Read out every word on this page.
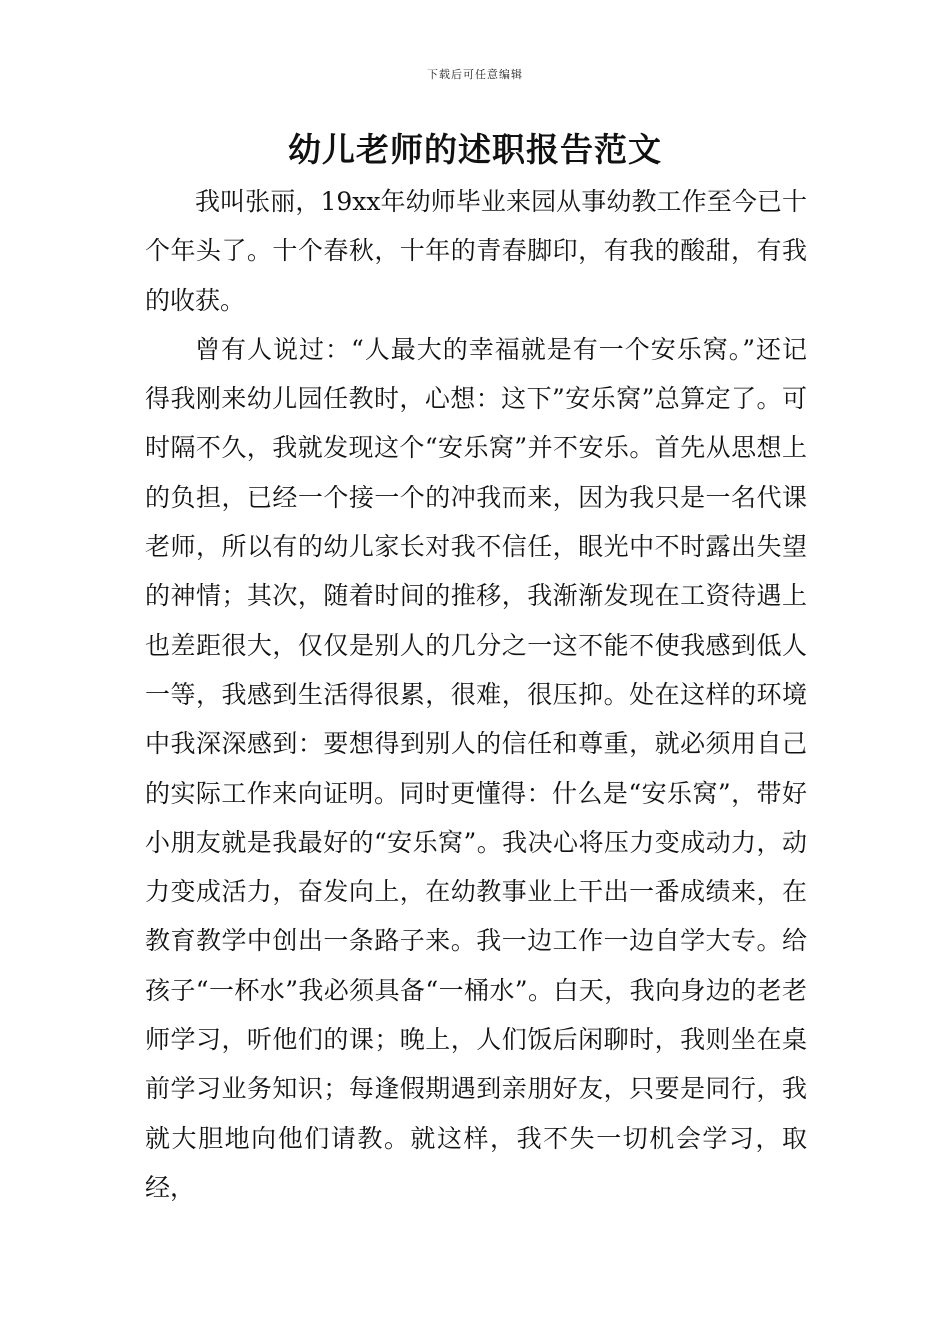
下载后可任意编辑
幼儿老师的述职报告范文

我叫张丽，19xx年幼师毕业来园从事幼教工作至今已十个年头了。十个春秋，十年的青春脚印，有我的酸甜，有我的收获。

曾有人说过：“人最大的幸福就是有一个安乐窝。”还记得我刚来幼儿园任教时，心想：这下”安乐窝”总算定了。可时隔不久，我就发现这个“安乐窝”并不安乐。首先从思想上的负担，已经一个接一个的冲我而来，因为我只是一名代课老师，所以有的幼儿家长对我不信任，眼光中不时露出失望的神情；其次，随着时间的推移，我渐渐发现在工资待遇上也差距很大，仅仅是别人的几分之一这不能不使我感到低人一等，我感到生活得很累，很难，很压抑。处在这样的环境中我深深感到：要想得到别人的信任和尊重，就必须用自己的实际工作来向证明。同时更懂得：什么是“安乐窝”，带好小朋友就是我最好的“安乐窝”。我决心将压力变成动力，动力变成活力，奋发向上，在幼教事业上干出一番成绩来，在教育教学中创出一条路子来。我一边工作一边自学大专。给孩子“一杯水”我必须具备“一桶水”。白天，我向身边的老老师学习，听他们的课；晚上，人们饭后闲聊时，我则坐在桌前学习业务知识；每逢假期遇到亲朋好友，只要是同行，我就大胆地向他们请教。就这样，我不失一切机会学习，取经，
